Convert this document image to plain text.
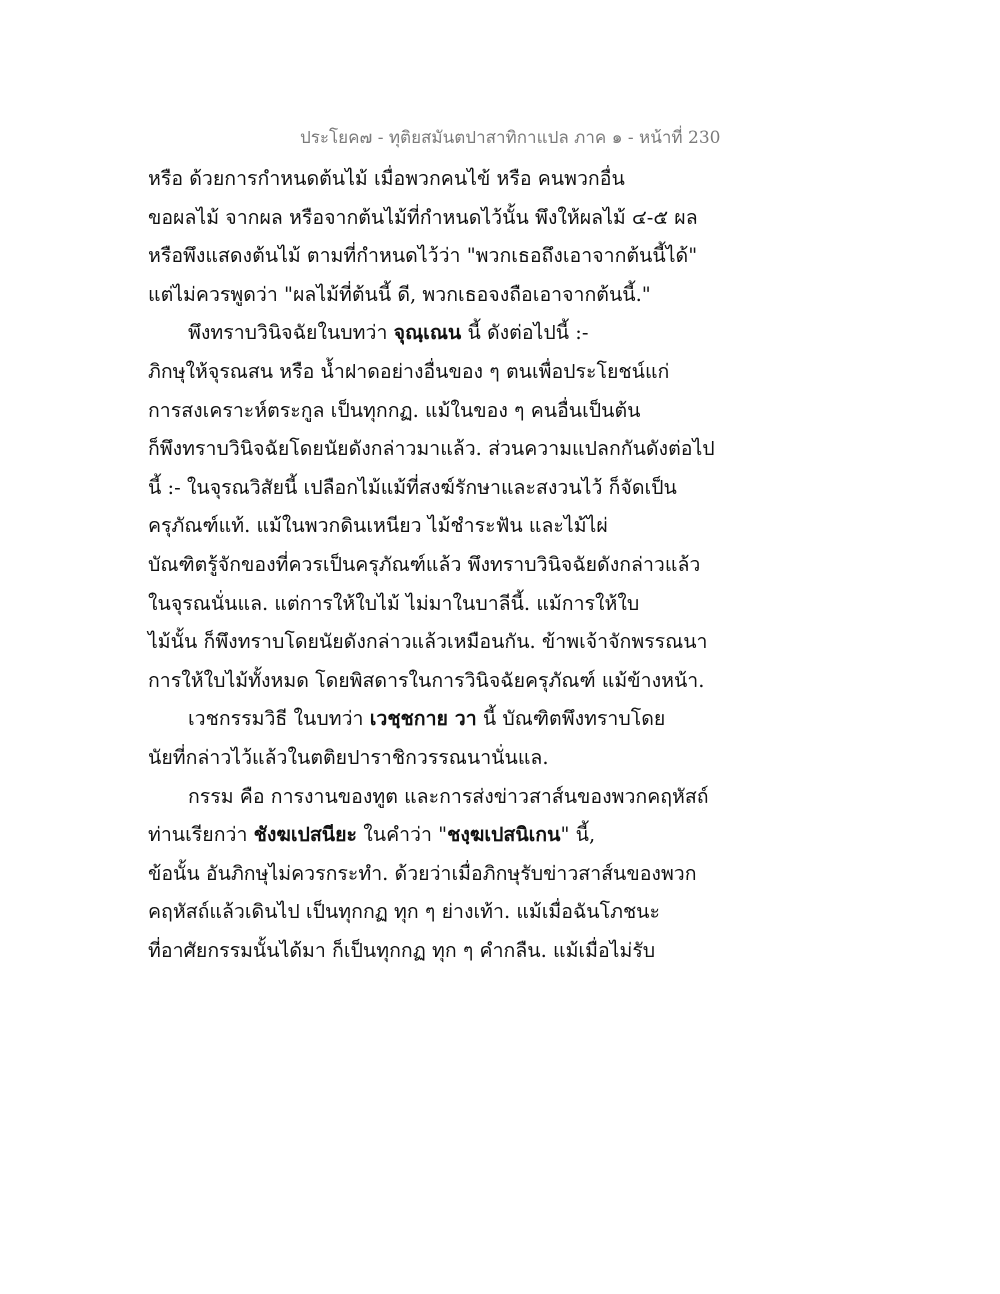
ประโยค๗ - ทุติยสมันตปาสาทิกาแปล ภาค ๑ - หน้าที่ 230
หรือ ด้วยการกำหนดต้นไม้ เมื่อพวกคนไข้ หรือ คนพวกอื่น
ขอผลไม้ จากผล หรือจากต้นไม้ที่กำหนดไว้นั้น พึงให้ผลไม้ ๔-๕ ผล
หรือพึงแสดงต้นไม้ ตามที่กำหนดไว้ว่า "พวกเธอถึงเอาจากต้นนี้ได้"
แต่ไม่ควรพูดว่า "ผลไม้ที่ต้นนี้ ดี, พวกเธอจงถือเอาจากต้นนี้."
พึงทราบวินิจฉัยในบทว่า จุณฺเณน นี้ ดังต่อไปนี้ :-
ภิกษุให้จุรณสน หรือ น้ำฝาดอย่างอื่นของ ๆ ตนเพื่อประโยชน์แก่
การสงเคราะห์ตระกูล เป็นทุกกฏ. แม้ในของ ๆ คนอื่นเป็นต้น
ก็พึงทราบวินิจฉัยโดยนัยดังกล่าวมาแล้ว. ส่วนความแปลกกันดังต่อไป
นี้ :- ในจุรณวิสัยนี้ เปลือกไม้แม้ที่สงฆ์รักษาและสงวนไว้ ก็จัดเป็น
ครุภัณฑ์แท้. แม้ในพวกดินเหนียว ไม้ชำระฟัน และไม้ไผ่
บัณฑิตรู้จักของที่ควรเป็นครุภัณฑ์แล้ว พึงทราบวินิจฉัยดังกล่าวแล้ว
ในจุรณนั่นแล. แต่การให้ใบไม้ ไม่มาในบาลีนี้. แม้การให้ใบ
ไม้นั้น ก็พึงทราบโดยนัยดังกล่าวแล้วเหมือนกัน. ข้าพเจ้าจักพรรณนา
การให้ใบไม้ทั้งหมด โดยพิสดารในการวินิจฉัยครุภัณฑ์ แม้ข้างหน้า.
เวชกรรมวิธี ในบทว่า เวชฺชกาย วา นี้ บัณฑิตพึงทราบโดย
นัยที่กล่าวไว้แล้วในตติยปาราชิกวรรณนานั่นแล.
กรรม คือ การงานของทูต และการส่งข่าวสาส์นของพวกคฤหัสถ์
ท่านเรียกว่า ชังฆเปสนียะ ในคำว่า "ชงฺฆเปสนิเกน" นี้,
ข้อนั้น อันภิกษุไม่ควรกระทำ. ด้วยว่าเมื่อภิกษุรับข่าวสาส์นของพวก
คฤหัสถ์แล้วเดินไป เป็นทุกกฏ ทุก ๆ ย่างเท้า. แม้เมื่อฉันโภชนะ
ที่อาศัยกรรมนั้นได้มา ก็เป็นทุกกฏ ทุก ๆ คำกลืน. แม้เมื่อไม่รับ
